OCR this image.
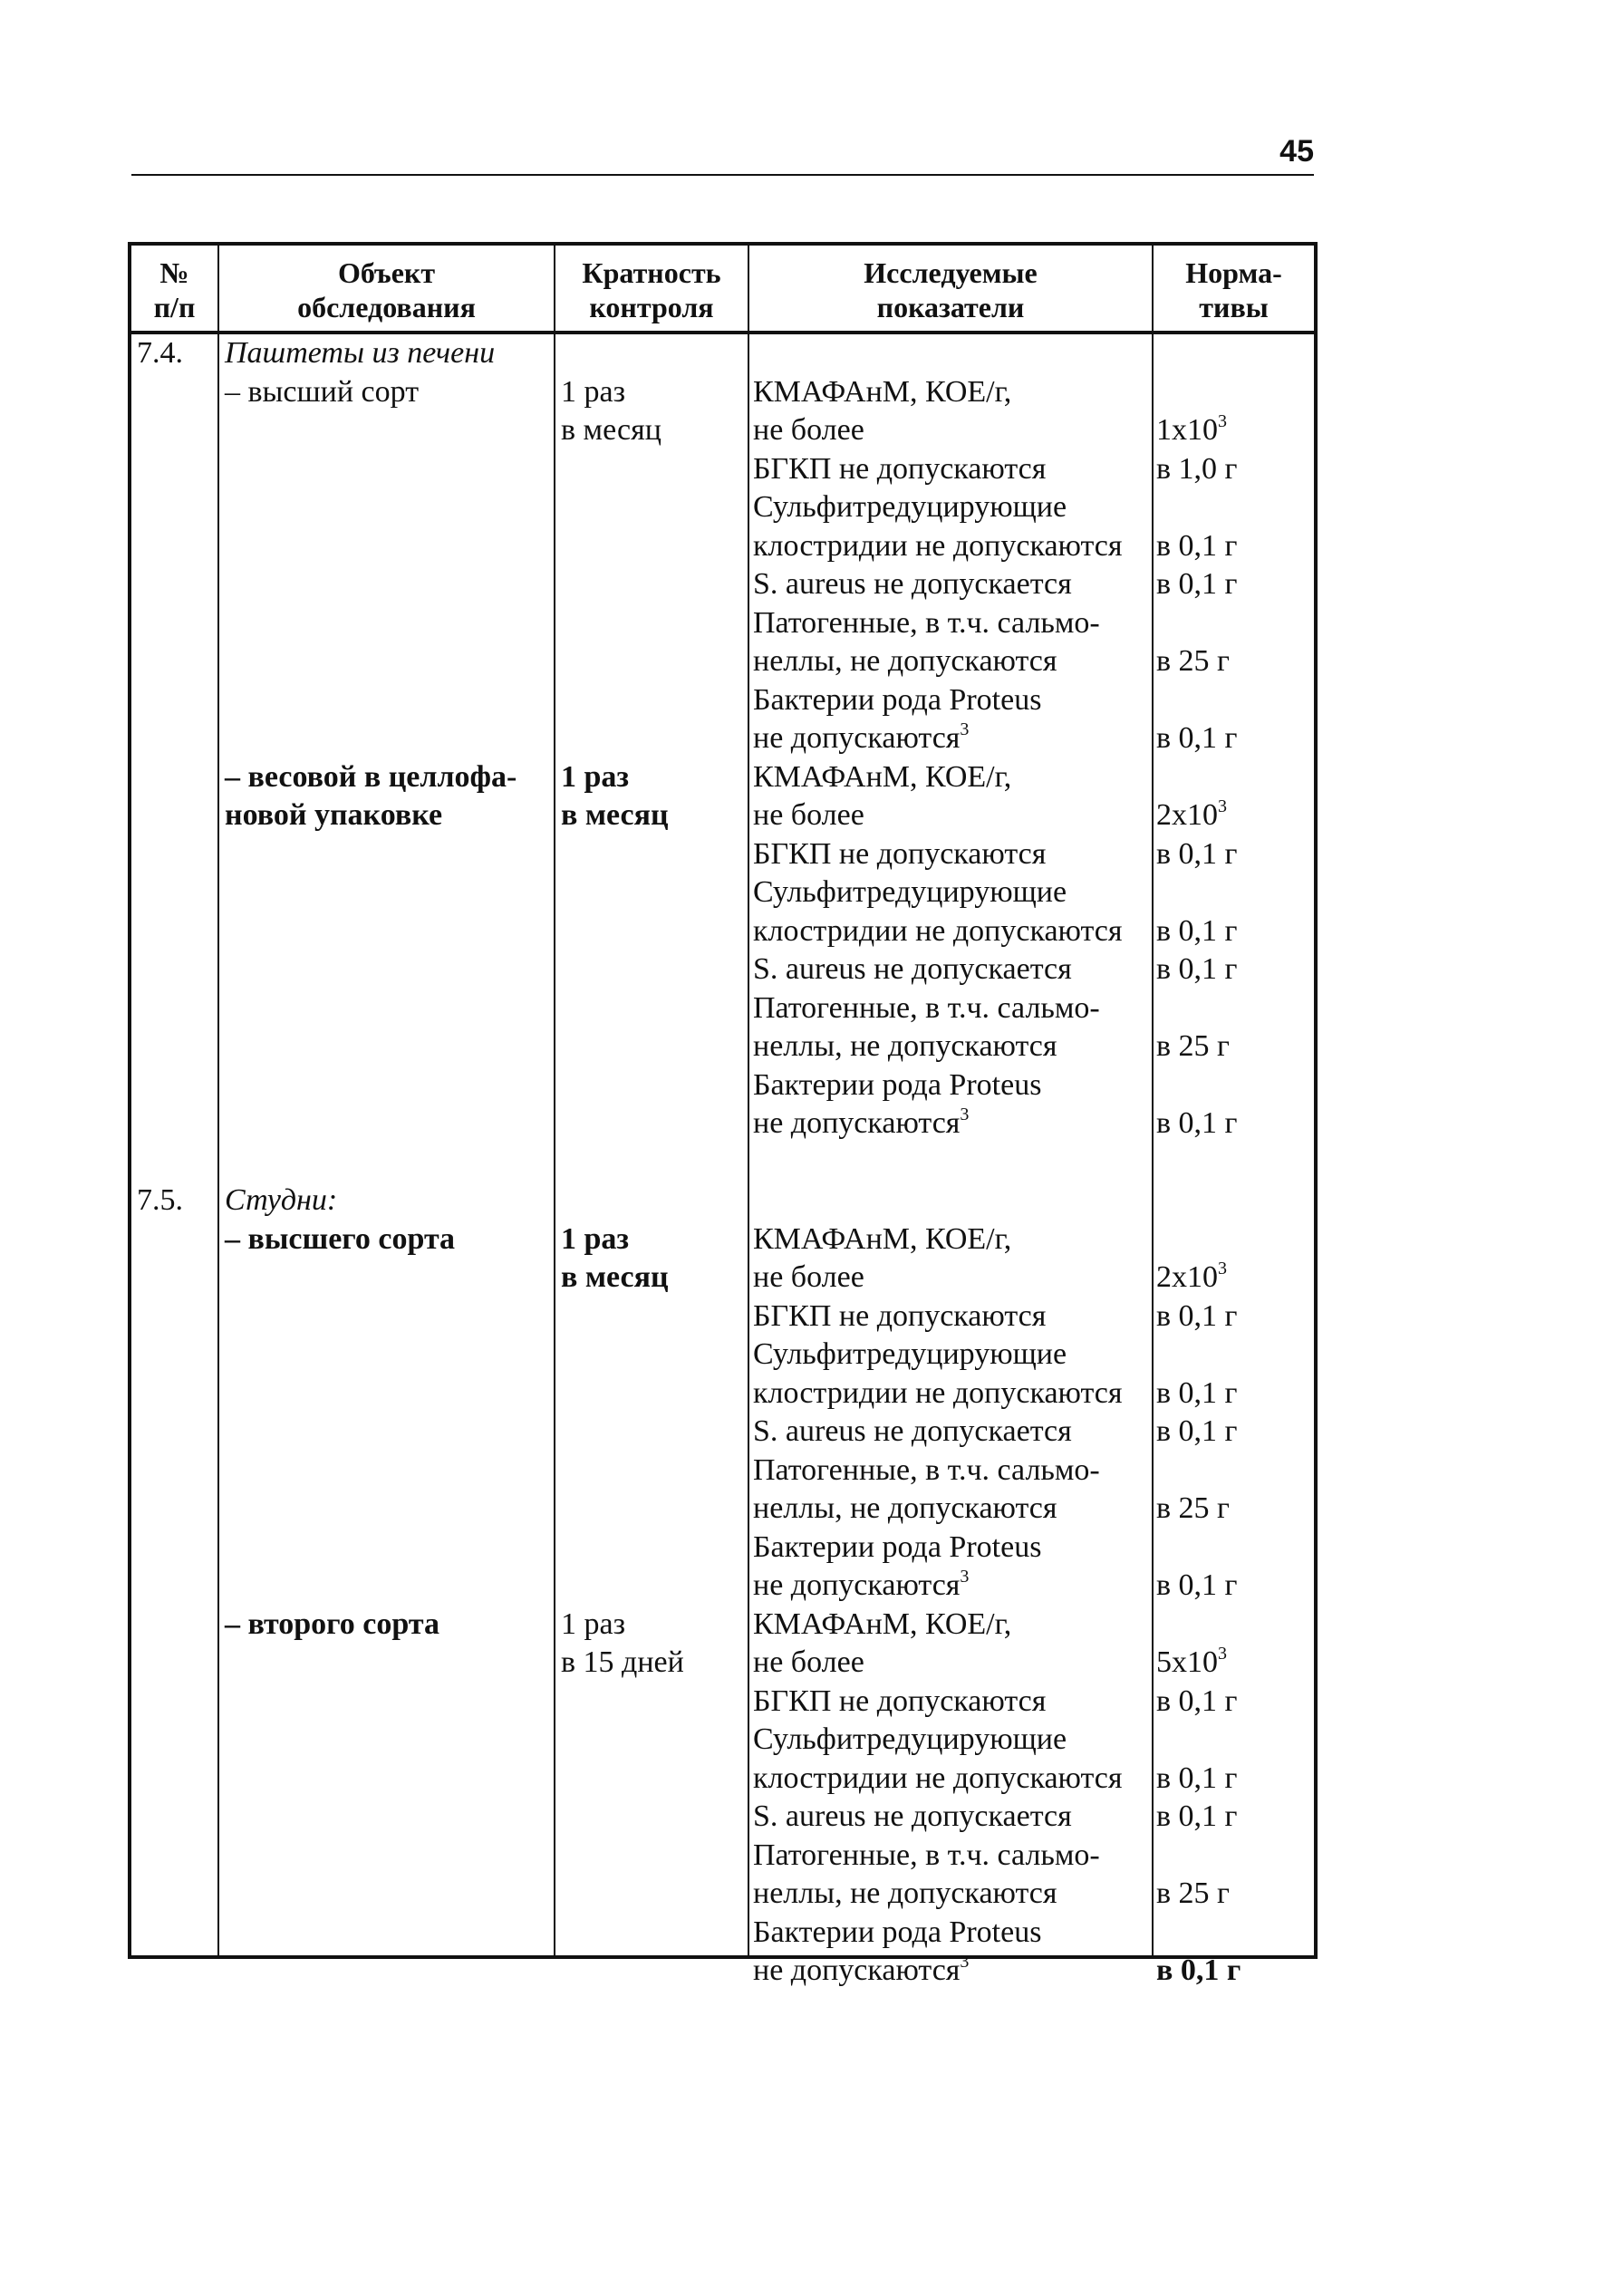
45
№
п/п
Объект
обследования
Кратность
контроля
Исследуемые
показатели
Норма-
тивы
7.4.
7.5.
Паштеты из печени
– высший сорт
– весовой в целлофа-
новой упаковке
Студни:
– высшего сорта
– второго сорта
1 раз
в месяц
1 раз
в месяц
1 раз
в месяц
1 раз
в 15 дней
КМАФАнМ, КОЕ/г,
не более
БГКП не допускаются
Сульфитредуцирующие
клостридии не допускаются
S. aureus не допускается
Патогенные, в т.ч. сальмо-
неллы, не допускаются
Бактерии рода Proteus
не допускаются$^3$
КМАФАнМ, КОЕ/г,
не более
БГКП не допускаются
Сульфитредуцирующие
клостридии не допускаются
S. aureus не допускается
Патогенные, в т.ч. сальмо-
неллы, не допускаются
Бактерии рода Proteus
не допускаются$^3$
КМАФАнМ, КОЕ/г,
не более
БГКП не допускаются
Сульфитредуцирующие
клостридии не допускаются
S. aureus не допускается
Патогенные, в т.ч. сальмо-
неллы, не допускаются
Бактерии рода Proteus
не допускаются$^3$
КМАФАнМ, КОЕ/г,
не более
БГКП не допускаются
Сульфитредуцирующие
клостридии не допускаются
S. aureus не допускается
Патогенные, в т.ч. сальмо-
неллы, не допускаются
Бактерии рода Proteus
не допускаются$^3$
$1x10^3$
в 1,0 г
в 0,1 г
в 0,1 г
в 25 г
в 0,1 г
$2x10^3$
в 0,1 г
в 0,1 г
в 0,1 г
в 25 г
в 0,1 г
$2x10^3$
в 0,1 г
в 0,1 г
в 0,1 г
в 25 г
в 0,1 г
$5x10^3$
в 0,1 г
в 0,1 г
в 0,1 г
в 25 г
в 0,1 г
